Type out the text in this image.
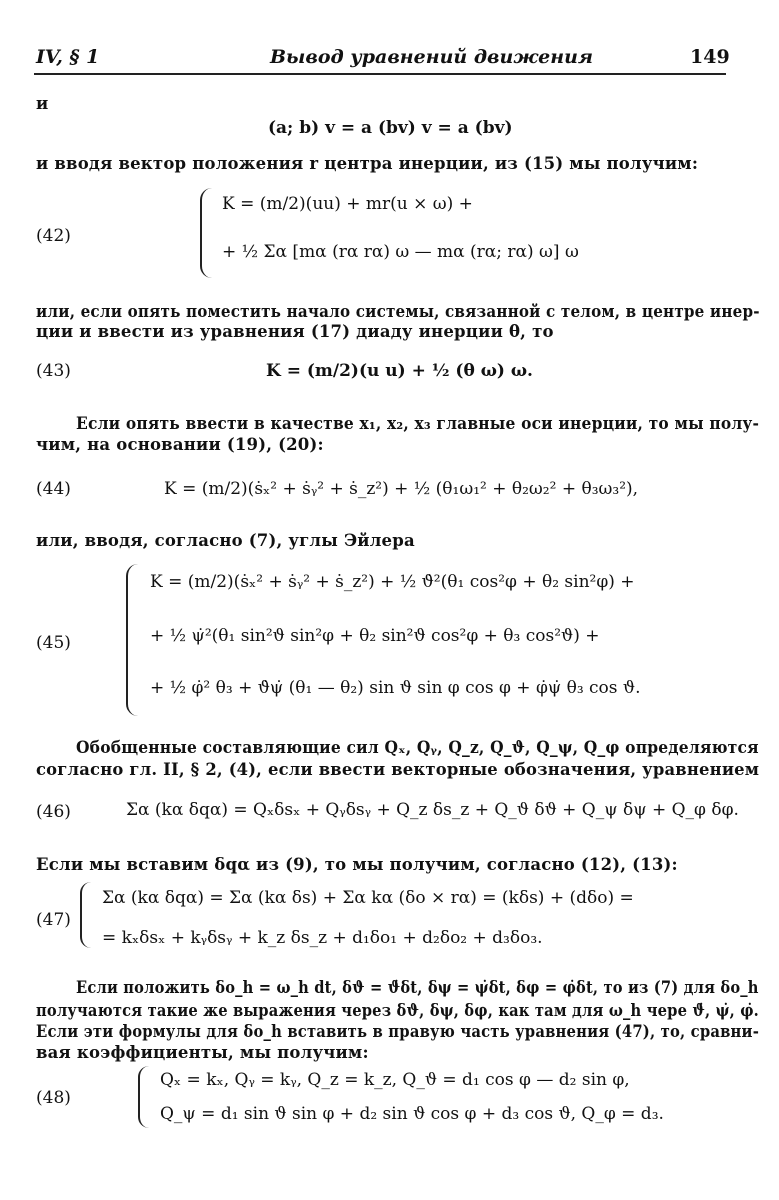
IV, § 1	Вывод уравнений движения	149
и
(a; b) v = a (bv) v = a (bv)
и вводя вектор положения r центра инерции, из (15) мы получим:
(42)
K = (m/2)(uu) + mr(u × ω) +
+ ½ Σα [mα (rα rα) ω — mα (rα; rα) ω] ω
или, если опять поместить начало системы, связанной с телом, в центре инер-
ции и ввести из уравнения (17) диаду инерции θ, то
(43)	K = (m/2)(u u) + ½ (θ ω) ω.
Если опять ввести в качестве x₁, x₂, x₃ главные оси инерции, то мы полу-
чим, на основании (19), (20):
(44)	K = (m/2)(ṡₓ² + ṡᵧ² + ṡ_z²) + ½ (θ₁ω₁² + θ₂ω₂² + θ₃ω₃²),
или, вводя, согласно (7), углы Эйлера
(45)
K = (m/2)(ṡₓ² + ṡᵧ² + ṡ_z²) + ½ ϑ̇²(θ₁ cos²φ + θ₂ sin²φ) +
+ ½ ψ̇²(θ₁ sin²ϑ sin²φ + θ₂ sin²ϑ cos²φ + θ₃ cos²ϑ) +
+ ½ φ̇² θ₃ + ϑ̇ψ̇ (θ₁ — θ₂) sin ϑ sin φ cos φ + φ̇ψ̇ θ₃ cos ϑ.
Обобщенные составляющие сил Qₓ, Qᵧ, Q_z, Q_ϑ, Q_ψ, Q_φ определяются
согласно гл. II, § 2, (4), если ввести векторные обозначения, уравнением
(46)	Σα (kα δqα) = Qₓδsₓ + Qᵧδsᵧ + Q_z δs_z + Q_ϑ δϑ + Q_ψ δψ + Q_φ δφ.
Если мы вставим δqα из (9), то мы получим, согласно (12), (13):
(47)
Σα (kα δqα) = Σα (kα δs) + Σα kα (δo × rα) = (kδs) + (dδo) =
= kₓδsₓ + kᵧδsᵧ + k_z δs_z + d₁δo₁ + d₂δo₂ + d₃δo₃.
Если положить δo_h = ω_h dt, δϑ = ϑ̇δt, δψ = ψ̇δt, δφ = φ̇δt, то из (7) для δo_h
получаются такие же выражения через δϑ, δψ, δφ, как там для ω_h чере ϑ̇, ψ̇, φ̇.
Если эти формулы для δo_h вставить в правую часть уравнения (47), то, сравни-
вая коэффициенты, мы получим:
(48)
Qₓ = kₓ, Qᵧ = kᵧ, Q_z = k_z, Q_ϑ = d₁ cos φ — d₂ sin φ,
Q_ψ = d₁ sin ϑ sin φ + d₂ sin ϑ cos φ + d₃ cos ϑ, Q_φ = d₃.
